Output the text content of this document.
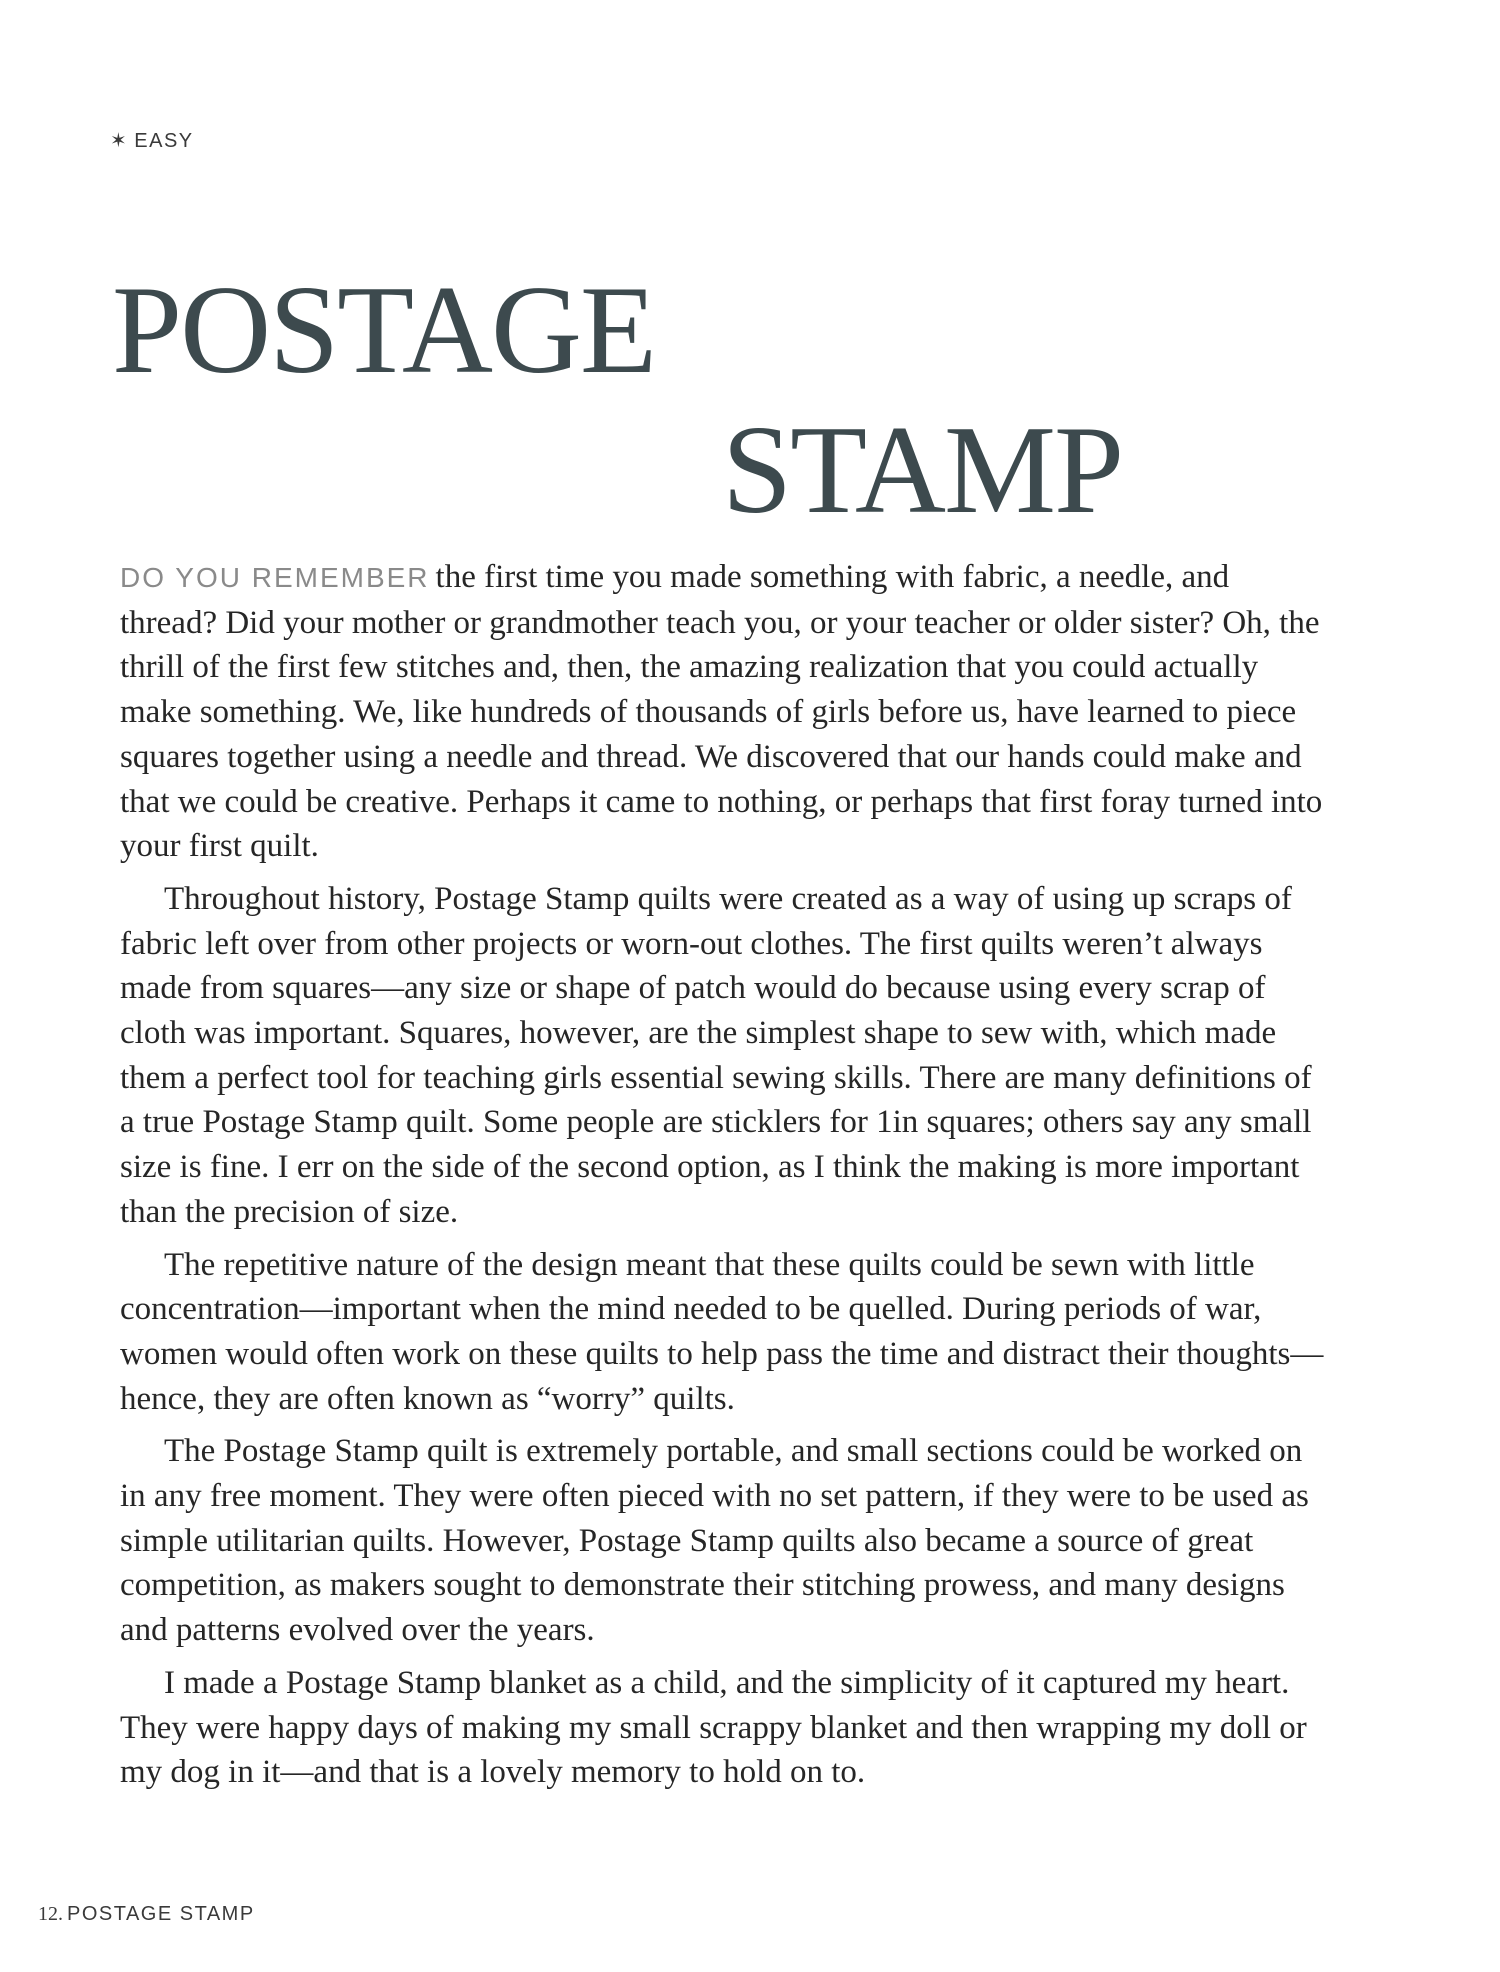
✶ EASY
POSTAGE
STAMP

DO YOU REMEMBER the first time you made something with fabric, a needle, and thread? Did your mother or grandmother teach you, or your teacher or older sister? Oh, the thrill of the first few stitches and, then, the amazing realization that you could actually make something. We, like hundreds of thousands of girls before us, have learned to piece squares together using a needle and thread. We discovered that our hands could make and that we could be creative. Perhaps it came to nothing, or perhaps that first foray turned into your first quilt.

Throughout history, Postage Stamp quilts were created as a way of using up scraps of fabric left over from other projects or worn-out clothes. The first quilts weren’t always made from squares—any size or shape of patch would do because using every scrap of cloth was important. Squares, however, are the simplest shape to sew with, which made them a perfect tool for teaching girls essential sewing skills. There are many definitions of a true Postage Stamp quilt. Some people are sticklers for 1in squares; others say any small size is fine. I err on the side of the second option, as I think the making is more important than the precision of size.

The repetitive nature of the design meant that these quilts could be sewn with little concentration—important when the mind needed to be quelled. During periods of war, women would often work on these quilts to help pass the time and distract their thoughts—hence, they are often known as “worry” quilts.

The Postage Stamp quilt is extremely portable, and small sections could be worked on in any free moment. They were often pieced with no set pattern, if they were to be used as simple utilitarian quilts. However, Postage Stamp quilts also became a source of great competition, as makers sought to demonstrate their stitching prowess, and many designs and patterns evolved over the years.

I made a Postage Stamp blanket as a child, and the simplicity of it captured my heart. They were happy days of making my small scrappy blanket and then wrapping my doll or my dog in it—and that is a lovely memory to hold on to.

12. POSTAGE STAMP
